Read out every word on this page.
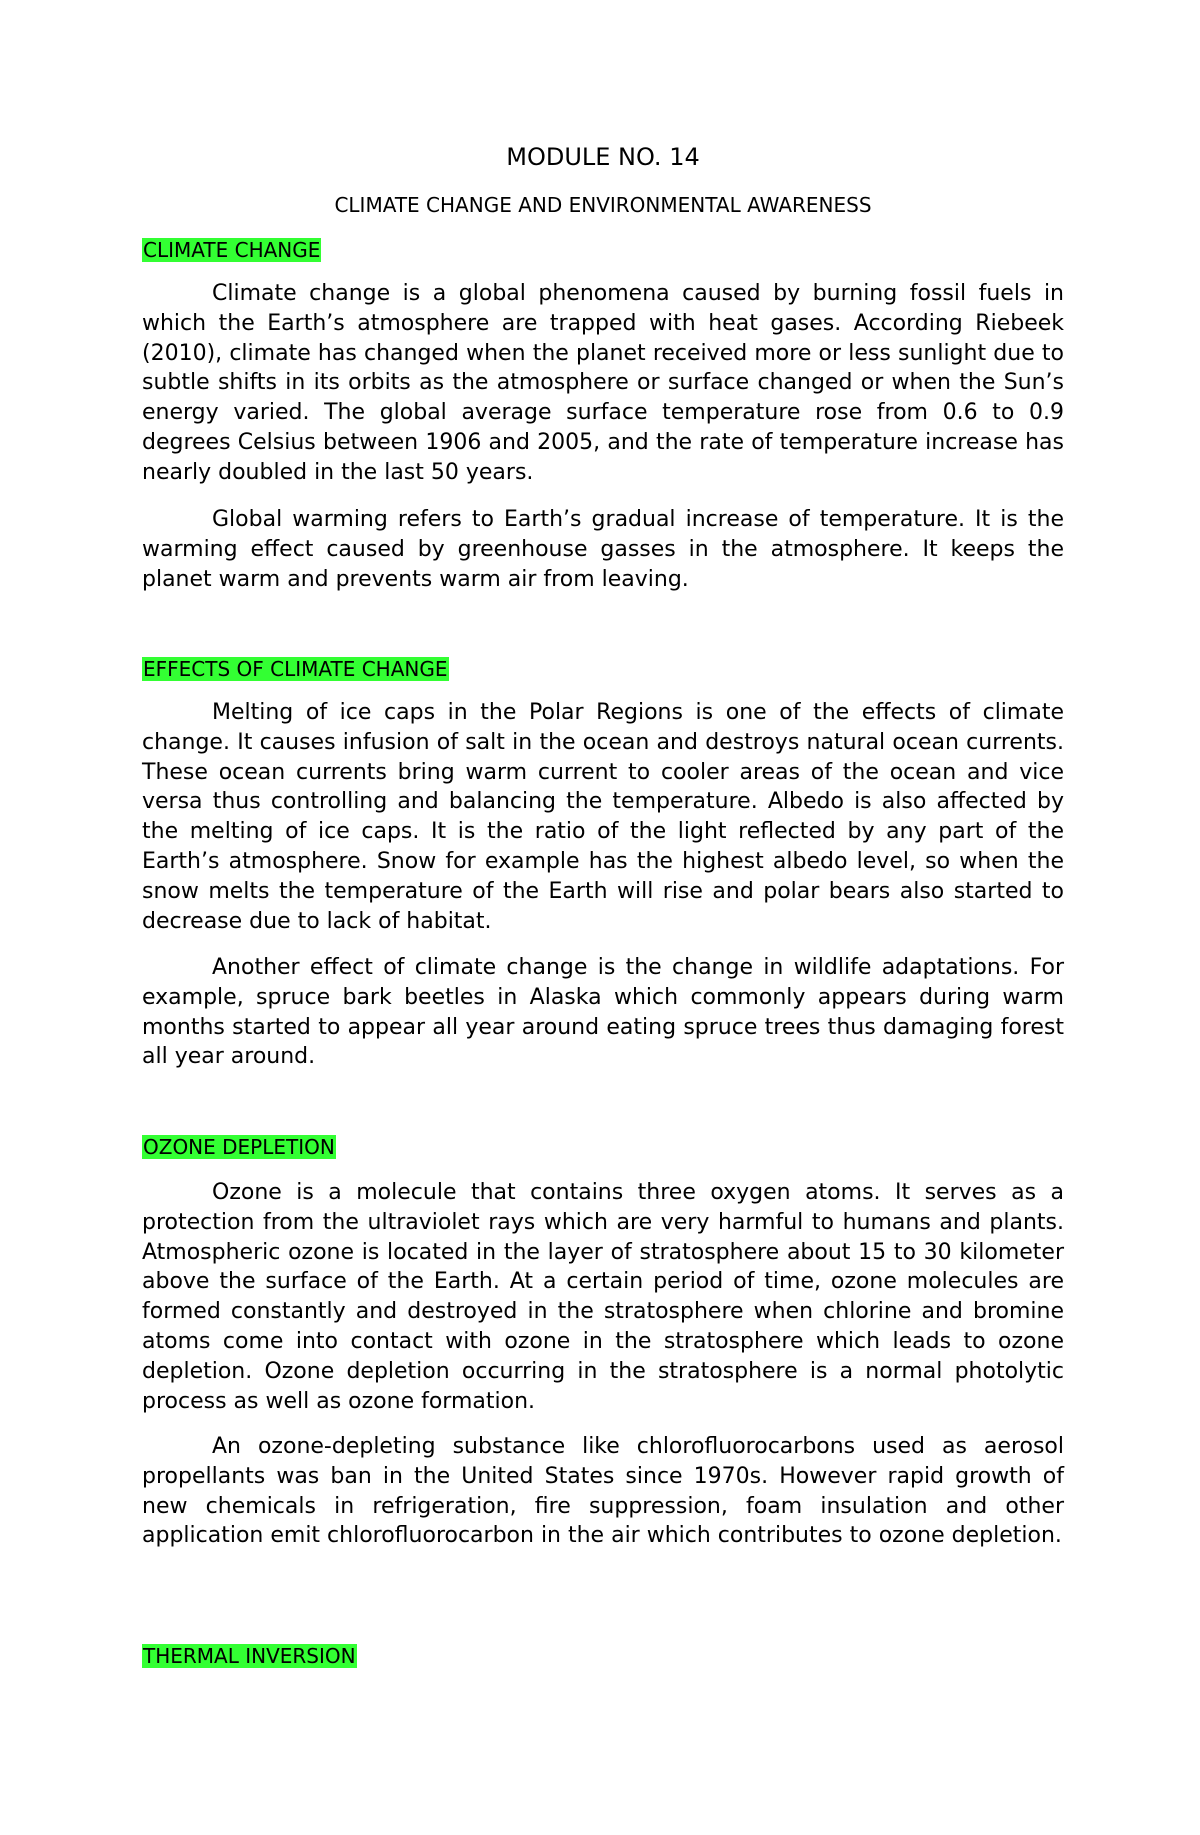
MODULE NO. 14
CLIMATE CHANGE AND ENVIRONMENTAL AWARENESS
CLIMATE CHANGE

Climate change is a global phenomena caused by burning fossil fuels in which the Earth’s atmosphere are trapped with heat gases. According Riebeek (2010), climate has changed when the planet received more or less sunlight due to subtle shifts in its orbits as the atmosphere or surface changed or when the Sun’s energy varied. The global average surface temperature rose from 0.6 to 0.9 degrees Celsius between 1906 and 2005, and the rate of temperature increase has nearly doubled in the last 50 years.

Global warming refers to Earth’s gradual increase of temperature. It is the warming effect caused by greenhouse gasses in the atmosphere. It keeps the planet warm and prevents warm air from leaving.

EFFECTS OF CLIMATE CHANGE

Melting of ice caps in the Polar Regions is one of the effects of climate change. It causes infusion of salt in the ocean and destroys natural ocean currents. These ocean currents bring warm current to cooler areas of the ocean and vice versa thus controlling and balancing the temperature. Albedo is also affected by the melting of ice caps. It is the ratio of the light reflected by any part of the Earth’s atmosphere. Snow for example has the highest albedo level, so when the snow melts the temperature of the Earth will rise and polar bears also started to decrease due to lack of habitat.

Another effect of climate change is the change in wildlife adaptations. For example, spruce bark beetles in Alaska which commonly appears during warm months started to appear all year around eating spruce trees thus damaging forest all year around.

OZONE DEPLETION

Ozone is a molecule that contains three oxygen atoms. It serves as a protection from the ultraviolet rays which are very harmful to humans and plants. Atmospheric ozone is located in the layer of stratosphere about 15 to 30 kilometer above the surface of the Earth. At a certain period of time, ozone molecules are formed constantly and destroyed in the stratosphere when chlorine and bromine atoms come into contact with ozone in the stratosphere which leads to ozone depletion. Ozone depletion occurring in the stratosphere is a normal photolytic process as well as ozone formation.

An ozone-depleting substance like chlorofluorocarbons used as aerosol propellants was ban in the United States since 1970s. However rapid growth of new chemicals in refrigeration, fire suppression, foam insulation and other application emit chlorofluorocarbon in the air which contributes to ozone depletion.

THERMAL INVERSION
